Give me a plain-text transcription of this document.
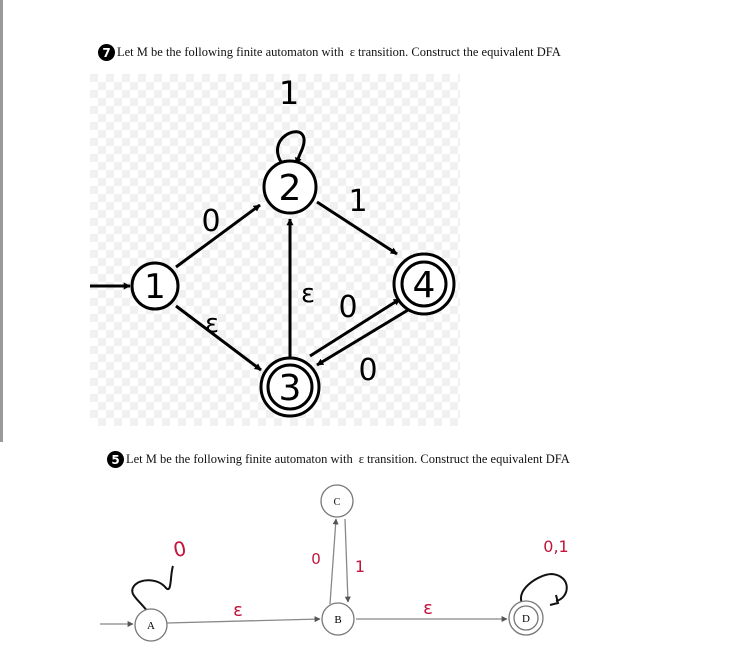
7 Let M be the following finite automaton with ε transition. Construct the equivalent DFA
1
2
3
4
1
0
1
ε
ε 0
0
5 Let M be the following finite automaton with ε transition. Construct the equivalent DFA
A	B
C
D
0
ε
0 1
ε
0,1
